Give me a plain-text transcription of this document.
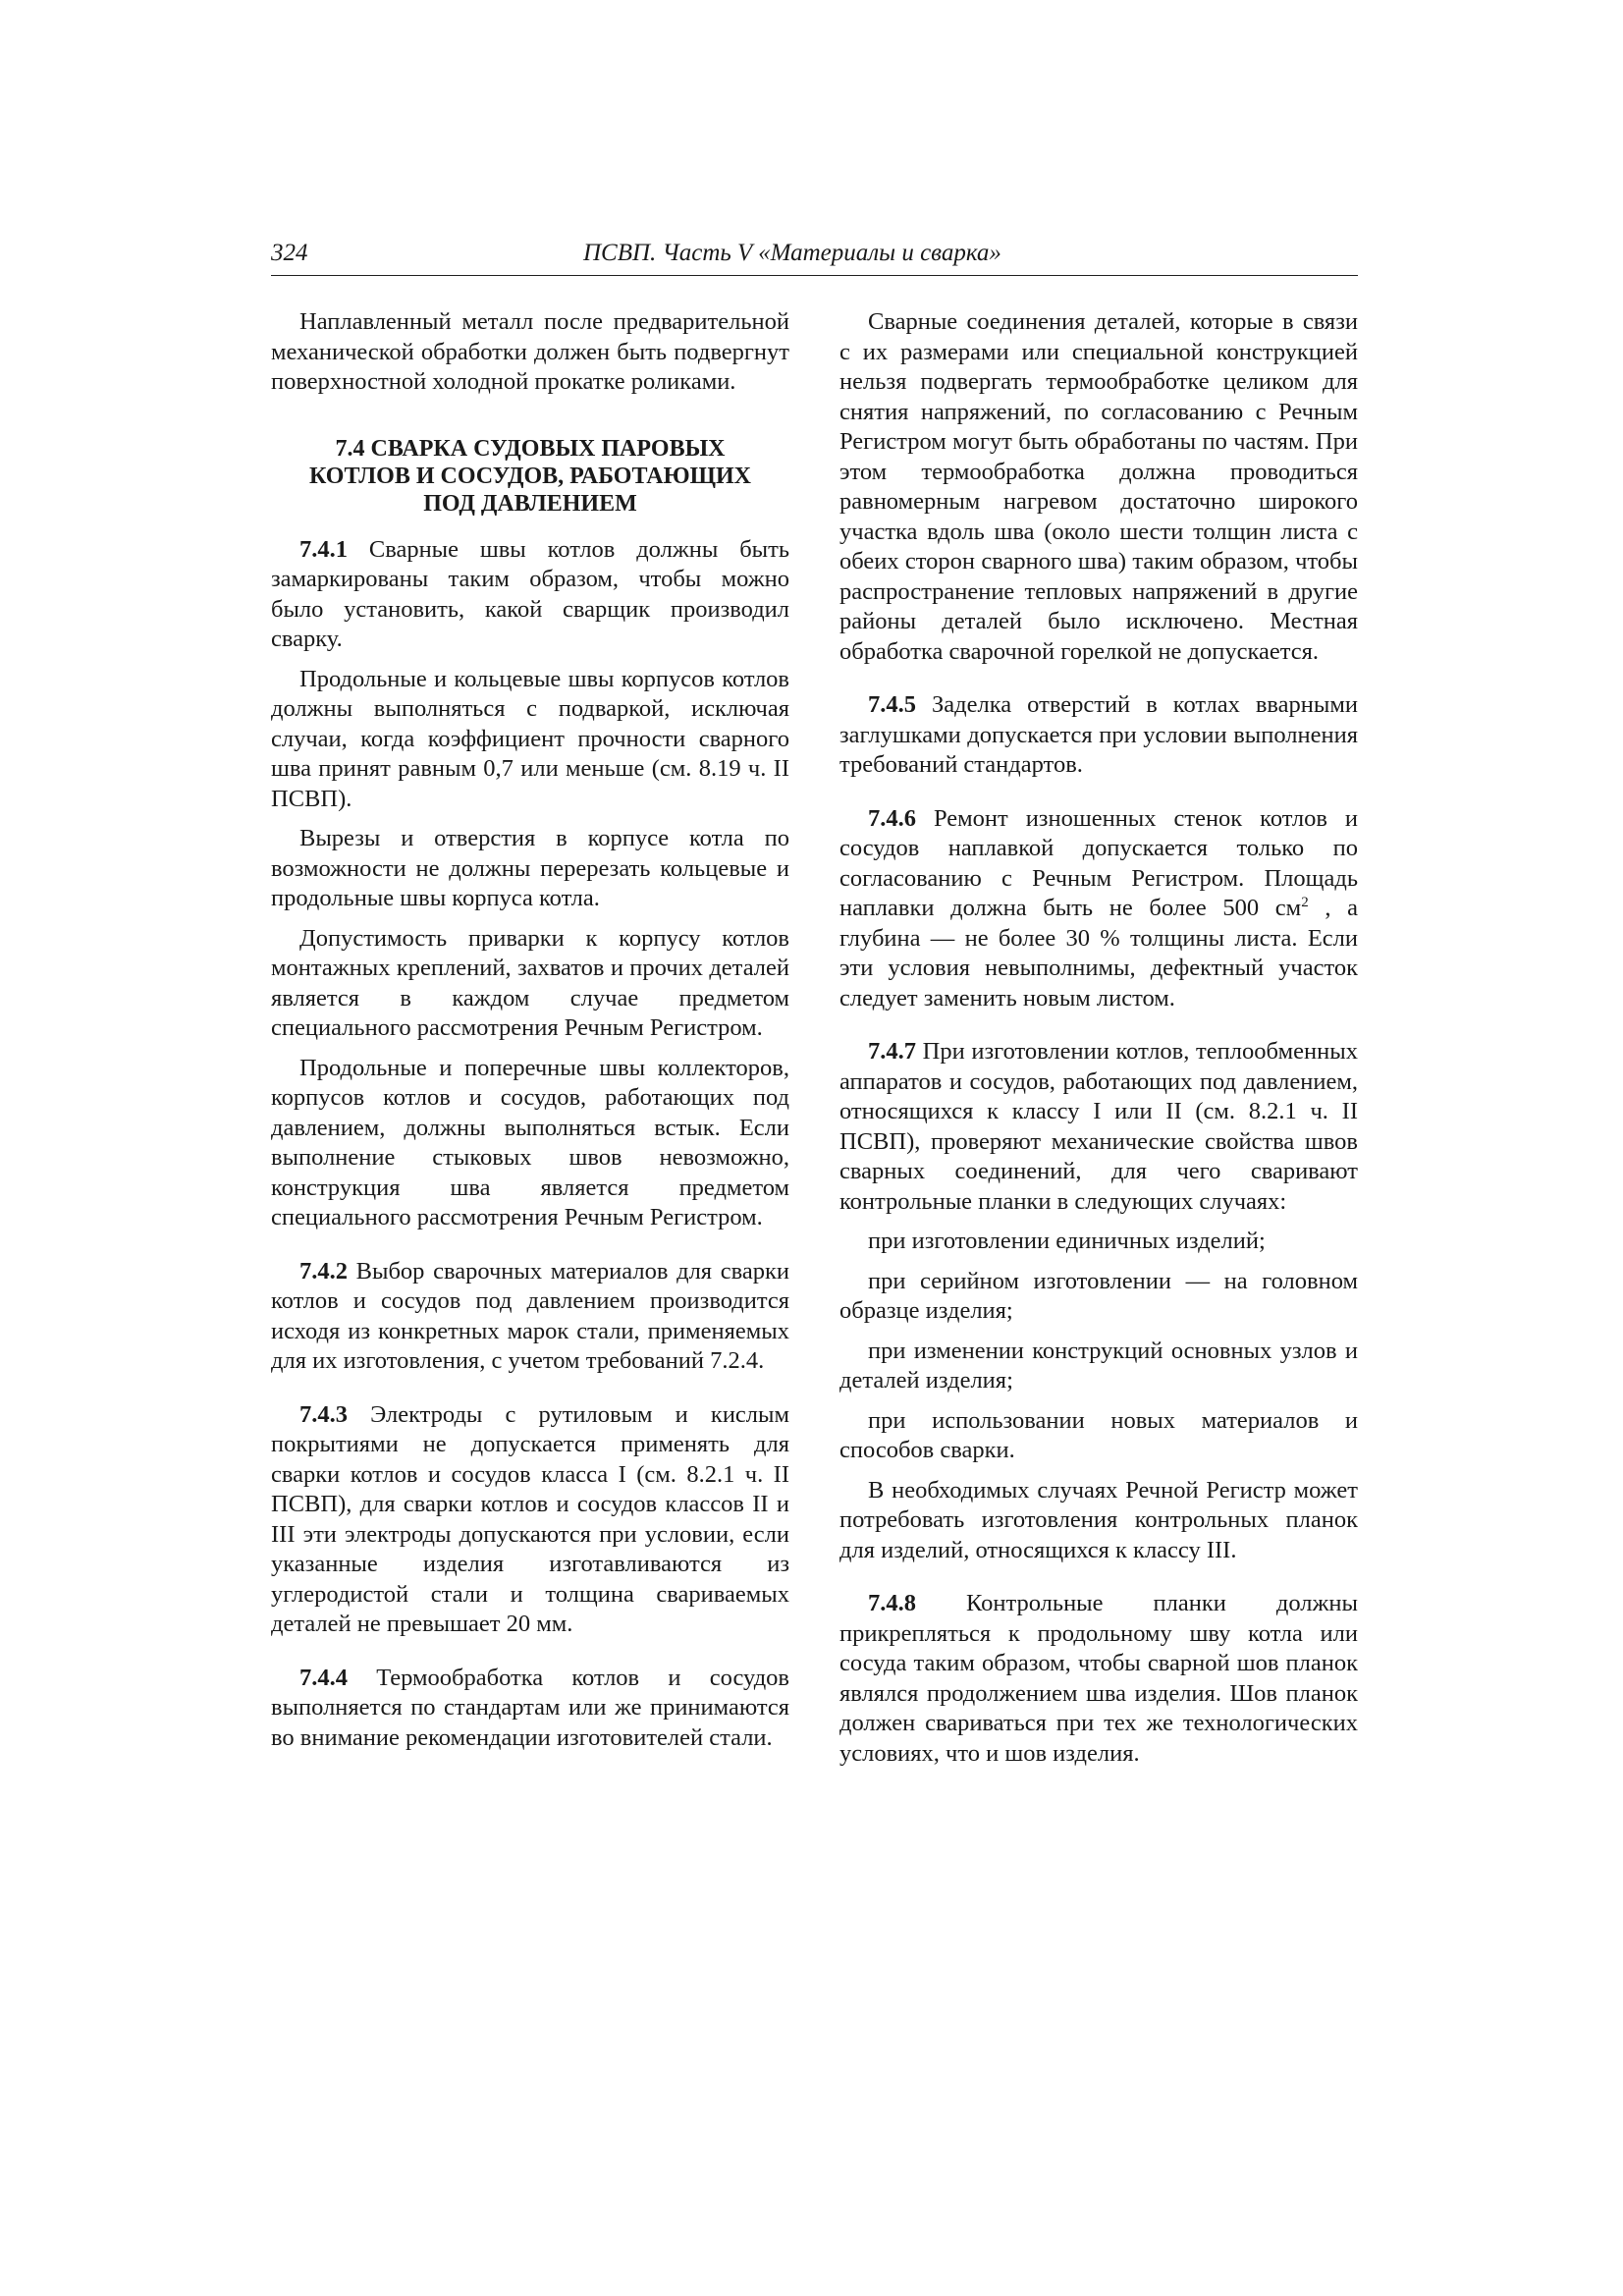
324	ПСВП. Часть V «Материалы и сварка»

Наплавленный металл после предварительной механической обработки должен быть подвергнут поверхностной холодной прокатке роликами.

7.4 СВАРКА СУДОВЫХ ПАРОВЫХ
КОТЛОВ И СОСУДОВ, РАБОТАЮЩИХ
ПОД ДАВЛЕНИЕМ

7.4.1 Сварные швы котлов должны быть замаркированы таким образом, чтобы можно было установить, какой сварщик производил сварку.

Продольные и кольцевые швы корпусов котлов должны выполняться с подваркой, исключая случаи, когда коэффициент прочности сварного шва принят равным 0,7 или меньше (см. 8.19 ч. II ПСВП).

Вырезы и отверстия в корпусе котла по возможности не должны перерезать кольцевые и продольные швы корпуса котла.

Допустимость приварки к корпусу котлов монтажных креплений, захватов и прочих деталей является в каждом случае предметом специального рассмотрения Речным Регистром.

Продольные и поперечные швы коллекторов, корпусов котлов и сосудов, работающих под давлением, должны выполняться встык. Если выполнение стыковых швов невозможно, конструкция шва является предметом специального рассмотрения Речным Регистром.

7.4.2 Выбор сварочных материалов для сварки котлов и сосудов под давлением производится исходя из конкретных марок стали, применяемых для их изготовления, с учетом требований 7.2.4.

7.4.3 Электроды с рутиловым и кислым покрытиями не допускается применять для сварки котлов и сосудов класса I (см. 8.2.1 ч. II ПСВП), для сварки котлов и сосудов классов II и III эти электроды допускаются при условии, если указанные изделия изготавливаются из углеродистой стали и толщина свариваемых деталей не превышает 20 мм.

7.4.4 Термообработка котлов и сосудов выполняется по стандартам или же принимаются во внимание рекомендации изготовителей стали.

Сварные соединения деталей, которые в связи с их размерами или специальной конструкцией нельзя подвергать термообработке целиком для снятия напряжений, по согласованию с Речным Регистром могут быть обработаны по частям. При этом термообработка должна проводиться равномерным нагревом достаточно широкого участка вдоль шва (около шести толщин листа с обеих сторон сварного шва) таким образом, чтобы распространение тепловых напряжений в другие районы деталей было исключено. Местная обработка сварочной горелкой не допускается.

7.4.5 Заделка отверстий в котлах вварными заглушками допускается при условии выполнения требований стандартов.

7.4.6 Ремонт изношенных стенок котлов и сосудов наплавкой допускается только по согласованию с Речным Регистром. Площадь наплавки должна быть не более 500 $см^2$ , а глубина — не более 30 % толщины листа. Если эти условия невыполнимы, дефектный участок следует заменить новым листом.

7.4.7 При изготовлении котлов, теплообменных аппаратов и сосудов, работающих под давлением, относящихся к классу I или II (см. 8.2.1 ч. II ПСВП), проверяют механические свойства швов сварных соединений, для чего сваривают контрольные планки в следующих случаях:

при изготовлении единичных изделий;

при серийном изготовлении — на головном образце изделия;

при изменении конструкций основных узлов и деталей изделия;

при использовании новых материалов и способов сварки.

В необходимых случаях Речной Регистр может потребовать изготовления контрольных планок для изделий, относящихся к классу III.

7.4.8 Контрольные планки должны прикрепляться к продольному шву котла или сосуда таким образом, чтобы сварной шов планок являлся продолжением шва изделия. Шов планок должен свариваться при тех же технологических условиях, что и шов изделия.
